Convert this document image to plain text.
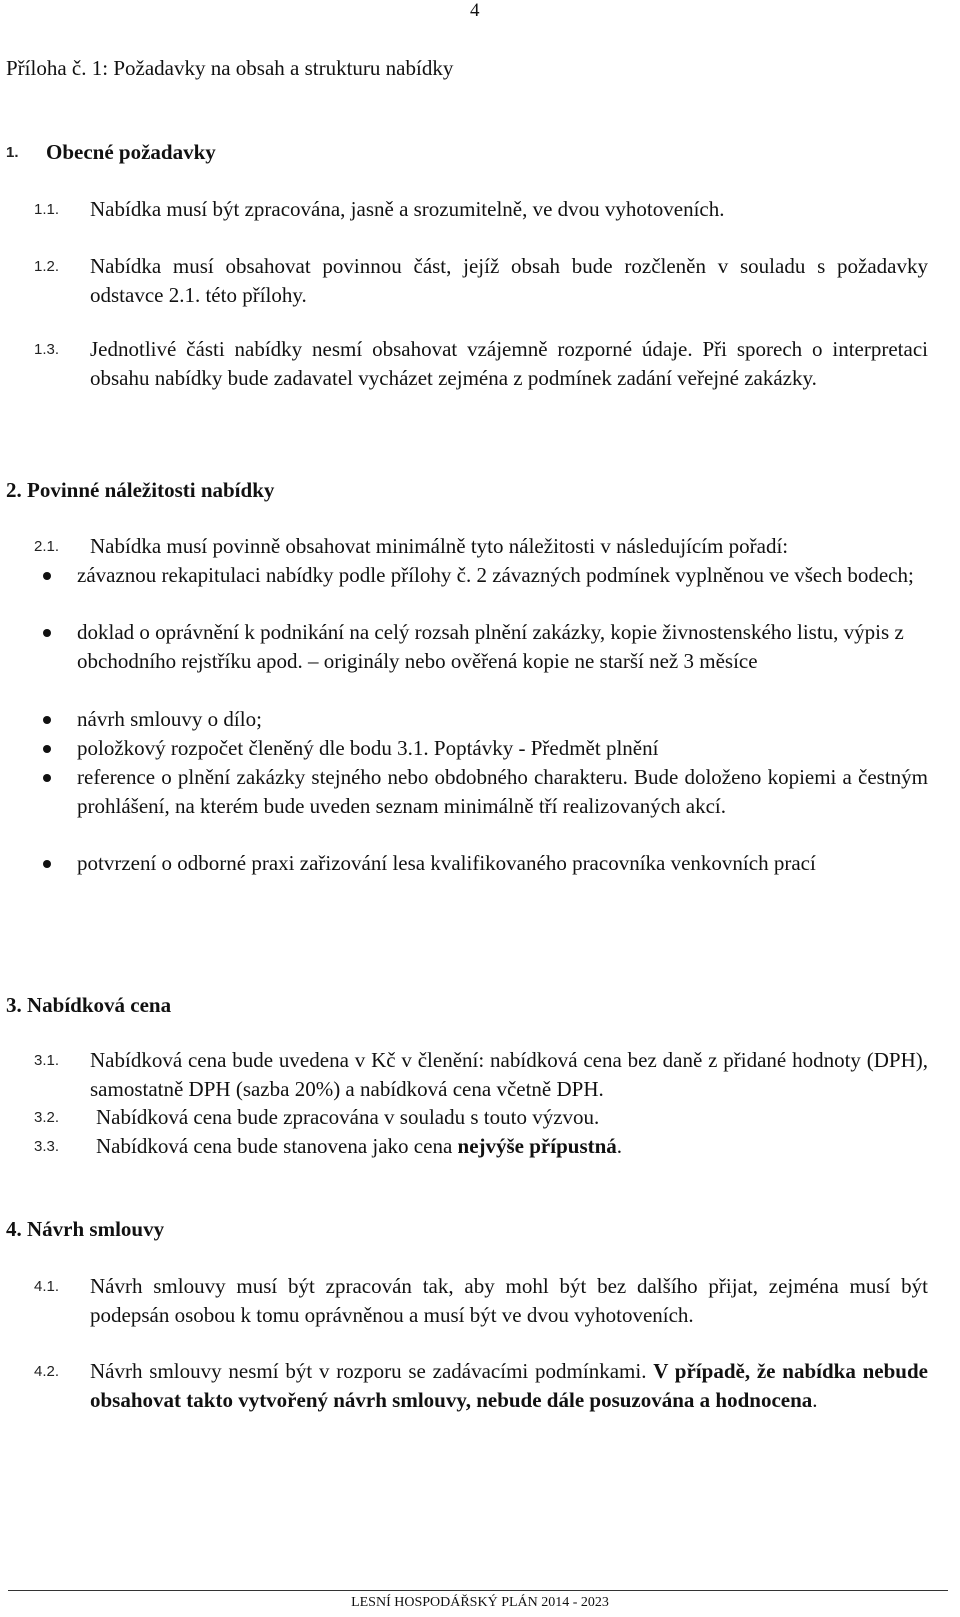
4
Příloha č. 1: Požadavky na obsah a strukturu nabídky
1. Obecné požadavky
1.1. Nabídka musí být zpracována, jasně a srozumitelně, ve dvou vyhotoveních.
1.2. Nabídka musí obsahovat povinnou část, jejíž obsah bude rozčleněn v souladu s požadavky odstavce 2.1. této přílohy.
1.3. Jednotlivé části nabídky nesmí obsahovat vzájemně rozporné údaje. Při sporech o interpretaci obsahu nabídky bude zadavatel vycházet zejména z podmínek zadání veřejné zakázky.
2. Povinné náležitosti nabídky
2.1. Nabídka musí povinně obsahovat minimálně tyto náležitosti v následujícím pořadí:
závaznou rekapitulaci nabídky podle přílohy č. 2 závazných podmínek vyplněnou ve všech bodech;
doklad o oprávnění k podnikání na celý rozsah plnění zakázky, kopie živnostenského listu, výpis z obchodního rejstříku apod. – originály nebo ověřená kopie ne starší než 3 měsíce
návrh smlouvy o dílo;
položkový rozpočet členěný dle bodu 3.1. Poptávky - Předmět plnění
reference o plnění zakázky stejného nebo obdobného charakteru. Bude doloženo kopiemi a čestným prohlášení, na kterém bude uveden seznam minimálně tří realizovaných akcí.
potvrzení o odborné praxi zařizování lesa kvalifikovaného pracovníka venkovních prací
3. Nabídková cena
3.1. Nabídková cena bude uvedena v Kč v členění: nabídková cena bez daně z přidané hodnoty (DPH), samostatně DPH (sazba 20%) a nabídková cena včetně DPH.
3.2. Nabídková cena bude zpracována v souladu s touto výzvou.
3.3. Nabídková cena bude stanovena jako cena nejvýše přípustná.
4. Návrh smlouvy
4.1. Návrh smlouvy musí být zpracován tak, aby mohl být bez dalšího přijat, zejména musí být podepsán osobou k tomu oprávněnou a musí být ve dvou vyhotoveních.
4.2. Návrh smlouvy nesmí být v rozporu se zadávacími podmínkami. V případě, že nabídka nebude obsahovat takto vytvořený návrh smlouvy, nebude dále posuzována a hodnocena.
LESNÍ HOSPODÁŘSKÝ PLÁN 2014 - 2023
